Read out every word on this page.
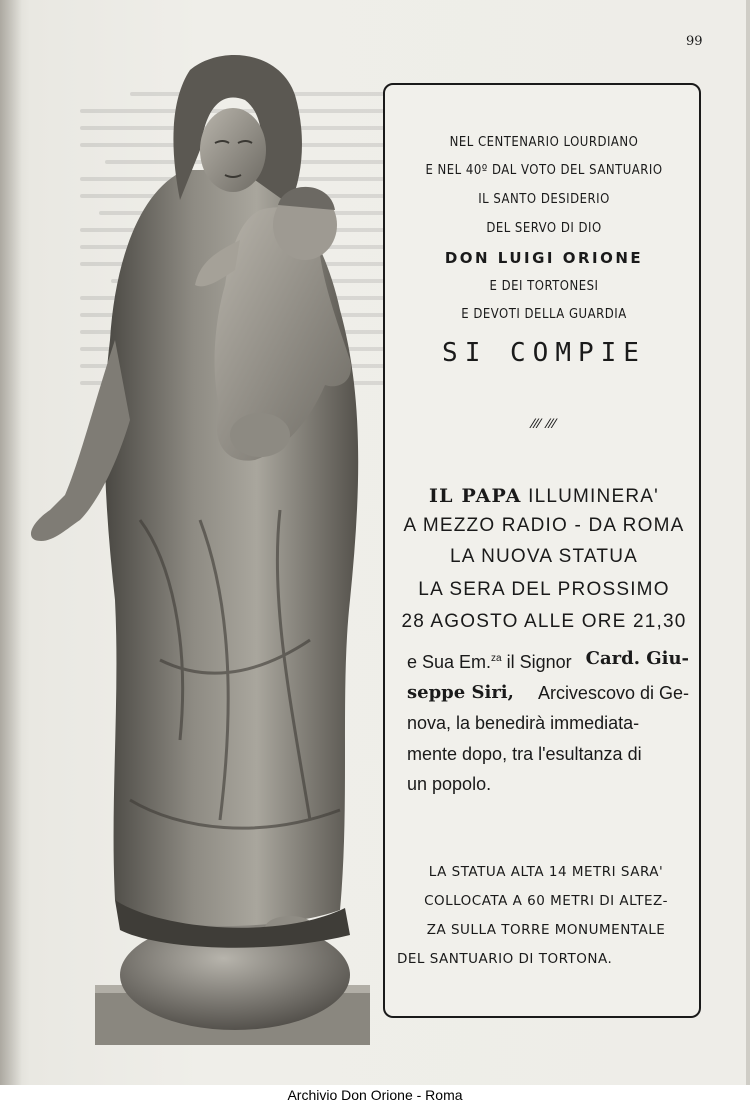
99
NEL CENTENARIO LOURDIANO
E NEL 40º DAL VOTO DEL SANTUARIO
IL SANTO DESIDERIO
DEL SERVO DI DIO
DON LUIGI ORIONE
E DEI TORTONESI
E DEVOTI DELLA GUARDIA
SI COMPIE
⁄⁄⁄ ⁄⁄⁄
IL PAPA ILLUMINERA'
A MEZZO RADIO - DA ROMA
LA NUOVA STATUA
LA SERA DEL PROSSIMO
28 AGOSTO ALLE ORE 21,30
e Sua Em.$^{za}$ il Signor Card. Giu-
seppe Siri, Arcivescovo di Ge-
nova, la benedirà immediata-
mente dopo, tra l'esultanza di
un popolo.
LA STATUA ALTA 14 METRI SARA'
COLLOCATA A 60 METRI DI ALTEZ-
ZA SULLA TORRE MONUMENTALE
DEL SANTUARIO DI TORTONA.
Archivio Don Orione - Roma
